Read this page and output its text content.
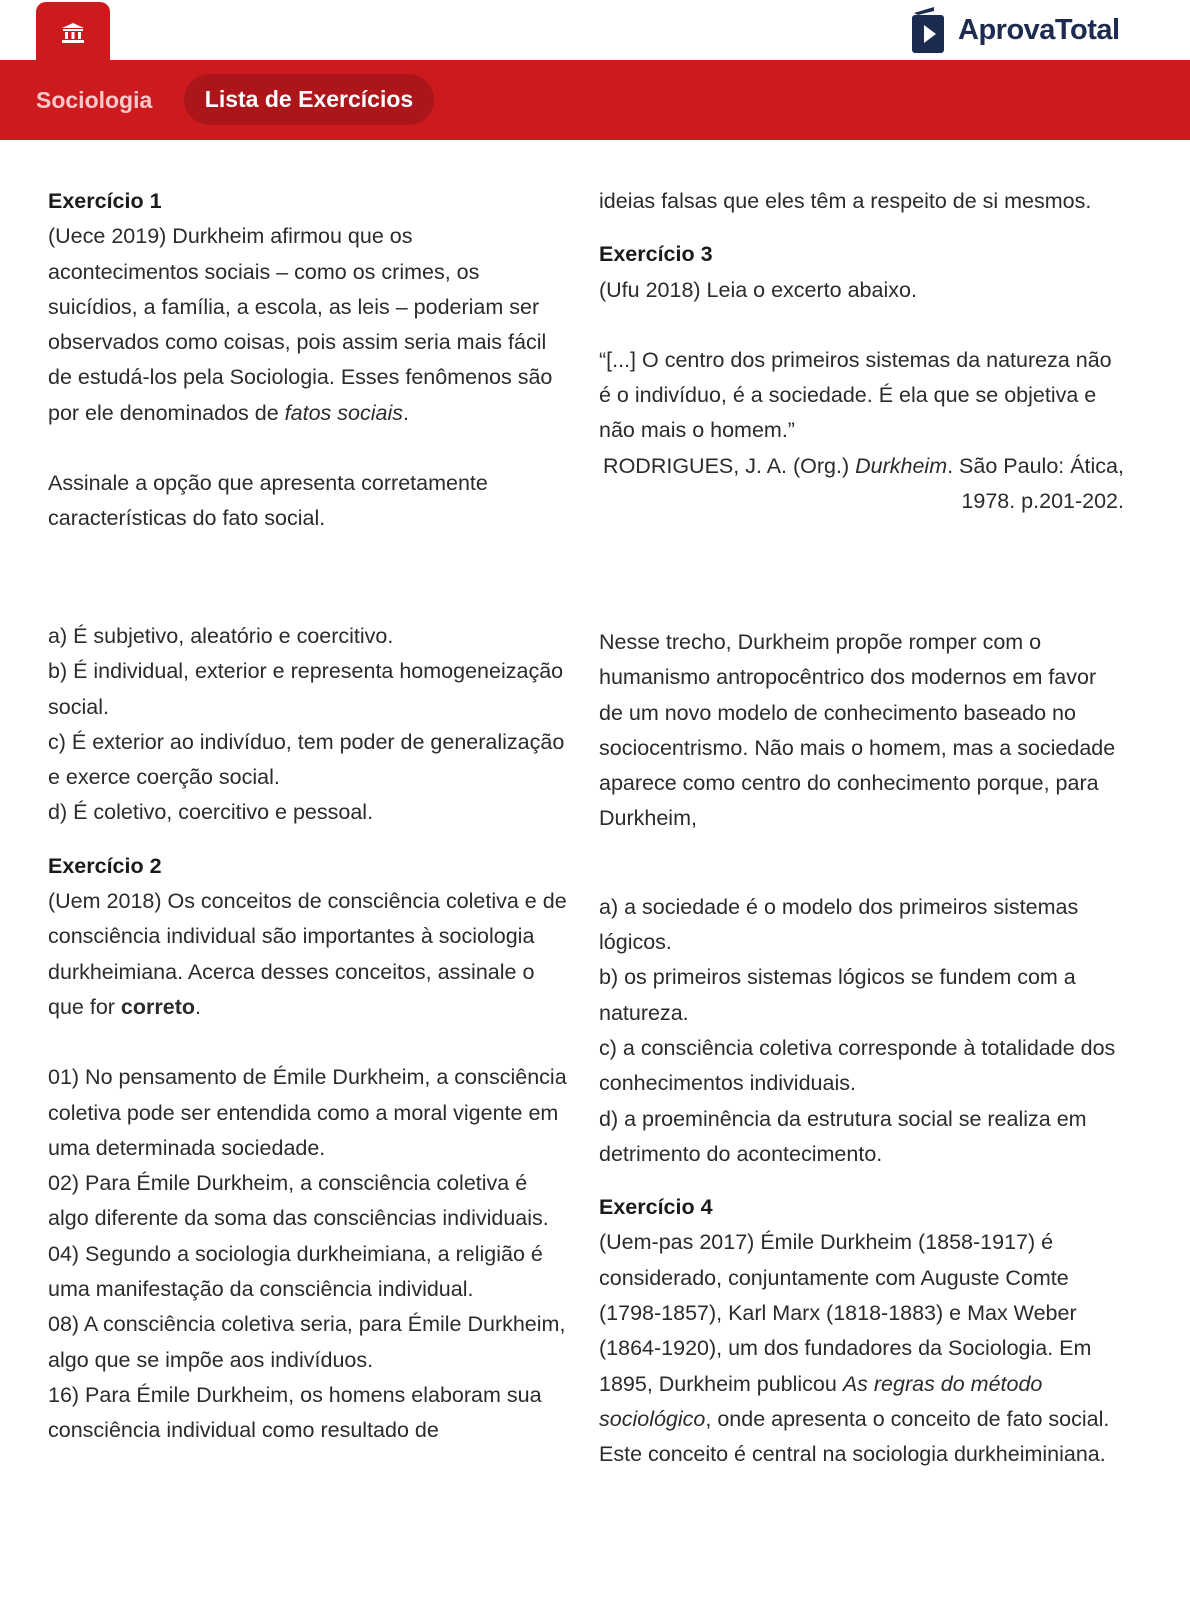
AprovaTotal
Sociologia	Lista de Exercícios

Exercício 1

(Uece 2019) Durkheim afirmou que os acontecimentos sociais – como os crimes, os suicídios, a família, a escola, as leis – poderiam ser observados como coisas, pois assim seria mais fácil de estudá-los pela Sociologia. Esses fenômenos são por ele denominados de fatos sociais.

Assinale a opção que apresenta corretamente características do fato social.

a) É subjetivo, aleatório e coercitivo.

b) É individual, exterior e representa homogeneização social.

c) É exterior ao indivíduo, tem poder de generalização e exerce coerção social.

d) É coletivo, coercitivo e pessoal.

Exercício 2

(Uem 2018) Os conceitos de consciência coletiva e de consciência individual são importantes à sociologia durkheimiana. Acerca desses conceitos, assinale o que for correto.

01) No pensamento de Émile Durkheim, a consciência coletiva pode ser entendida como a moral vigente em uma determinada sociedade.

02) Para Émile Durkheim, a consciência coletiva é algo diferente da soma das consciências individuais.

04) Segundo a sociologia durkheimiana, a religião é uma manifestação da consciência individual.

08) A consciência coletiva seria, para Émile Durkheim, algo que se impõe aos indivíduos.

16) Para Émile Durkheim, os homens elaboram sua consciência individual como resultado de

ideias falsas que eles têm a respeito de si mesmos.

Exercício 3

(Ufu 2018) Leia o excerto abaixo.

“[...] O centro dos primeiros sistemas da natureza não é o indivíduo, é a sociedade. É ela que se objetiva e não mais o homem.”

RODRIGUES, J. A. (Org.) Durkheim. São Paulo: Ática, 1978. p.201-202.

Nesse trecho, Durkheim propõe romper com o humanismo antropocêntrico dos modernos em favor de um novo modelo de conhecimento baseado no sociocentrismo. Não mais o homem, mas a sociedade aparece como centro do conhecimento porque, para Durkheim,

a) a sociedade é o modelo dos primeiros sistemas lógicos.

b) os primeiros sistemas lógicos se fundem com a natureza.

c) a consciência coletiva corresponde à totalidade dos conhecimentos individuais.

d) a proeminência da estrutura social se realiza em detrimento do acontecimento.

Exercício 4

(Uem-pas 2017) Émile Durkheim (1858-1917) é considerado, conjuntamente com Auguste Comte (1798-1857), Karl Marx (1818-1883) e Max Weber (1864-1920), um dos fundadores da Sociologia. Em 1895, Durkheim publicou As regras do método sociológico, onde apresenta o conceito de fato social. Este conceito é central na sociologia durkheiminiana.
